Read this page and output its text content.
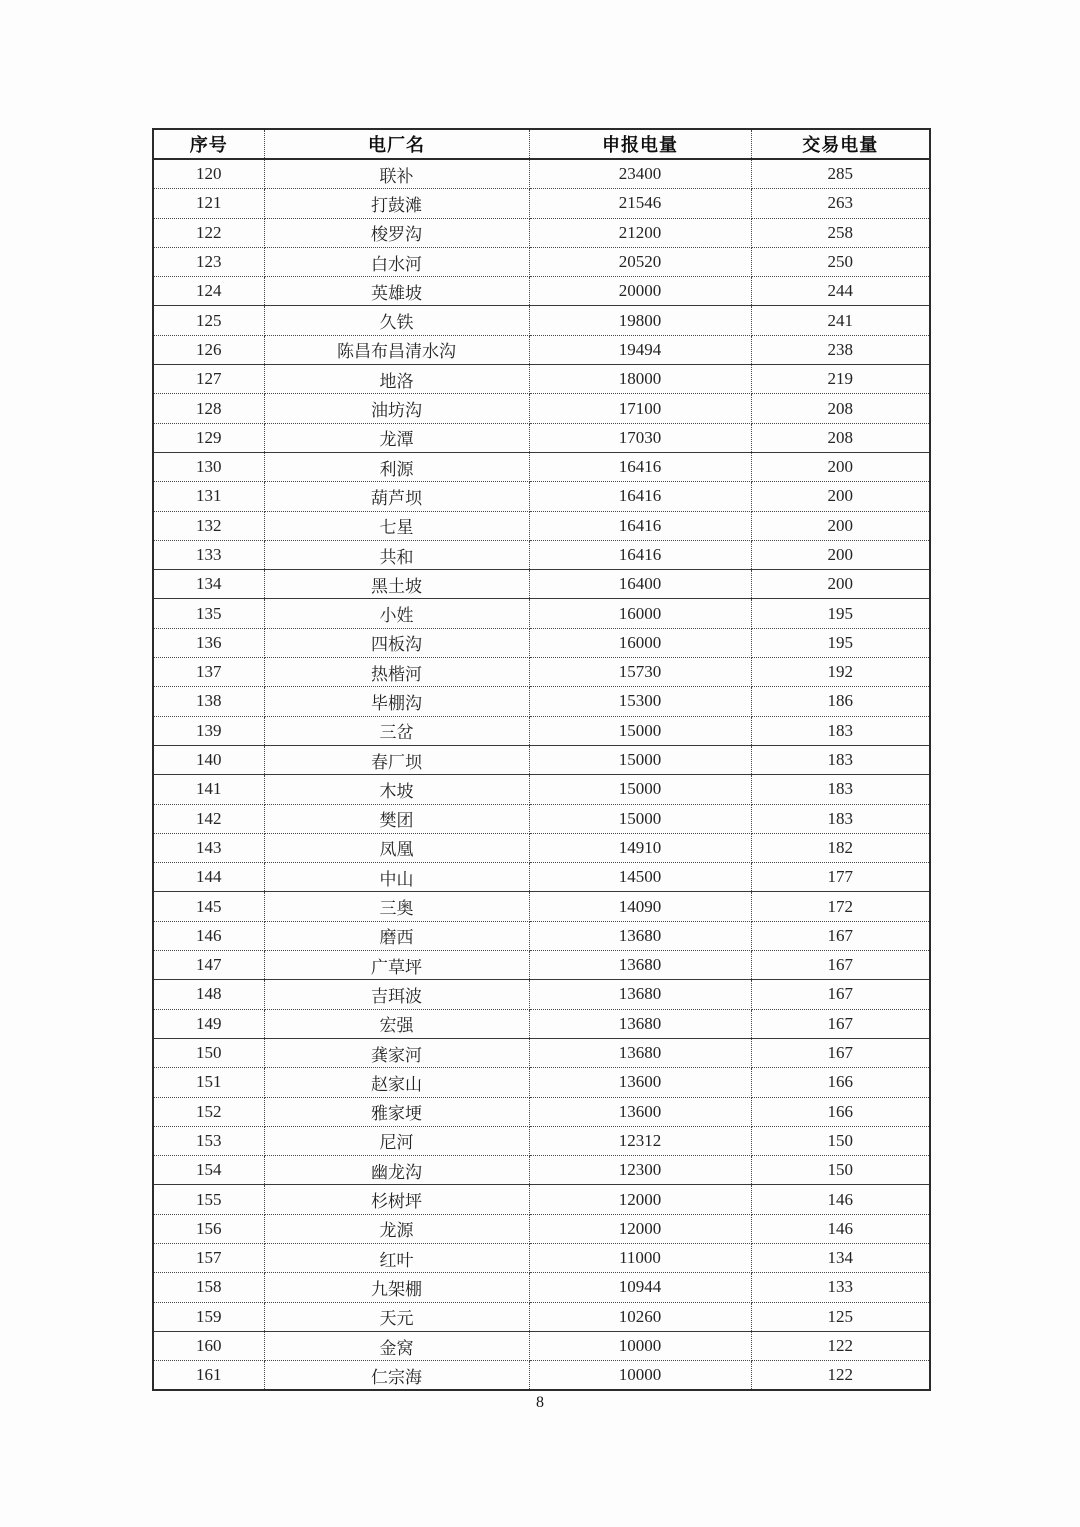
序号	电厂名	申报电量	交易电量
120	联补	23400	285
121	打鼓滩	21546	263
122	梭罗沟	21200	258
123	白水河	20520	250
124	英雄坡	20000	244
125	久铁	19800	241
126	陈昌布昌清水沟	19494	238
127	地洛	18000	219
128	油坊沟	17100	208
129	龙潭	17030	208
130	利源	16416	200
131	葫芦坝	16416	200
132	七星	16416	200
133	共和	16416	200
134	黑土坡	16400	200
135	小姓	16000	195
136	四板沟	16000	195
137	热楷河	15730	192
138	毕棚沟	15300	186
139	三岔	15000	183
140	春厂坝	15000	183
141	木坡	15000	183
142	樊团	15000	183
143	凤凰	14910	182
144	中山	14500	177
145	三奥	14090	172
146	磨西	13680	167
147	广草坪	13680	167
148	吉珥波	13680	167
149	宏强	13680	167
150	龚家河	13680	167
151	赵家山	13600	166
152	雅家埂	13600	166
153	尼河	12312	150
154	幽龙沟	12300	150
155	杉树坪	12000	146
156	龙源	12000	146
157	红叶	11000	134
158	九架棚	10944	133
159	天元	10260	125
160	金窝	10000	122
161	仁宗海	10000	122
8
